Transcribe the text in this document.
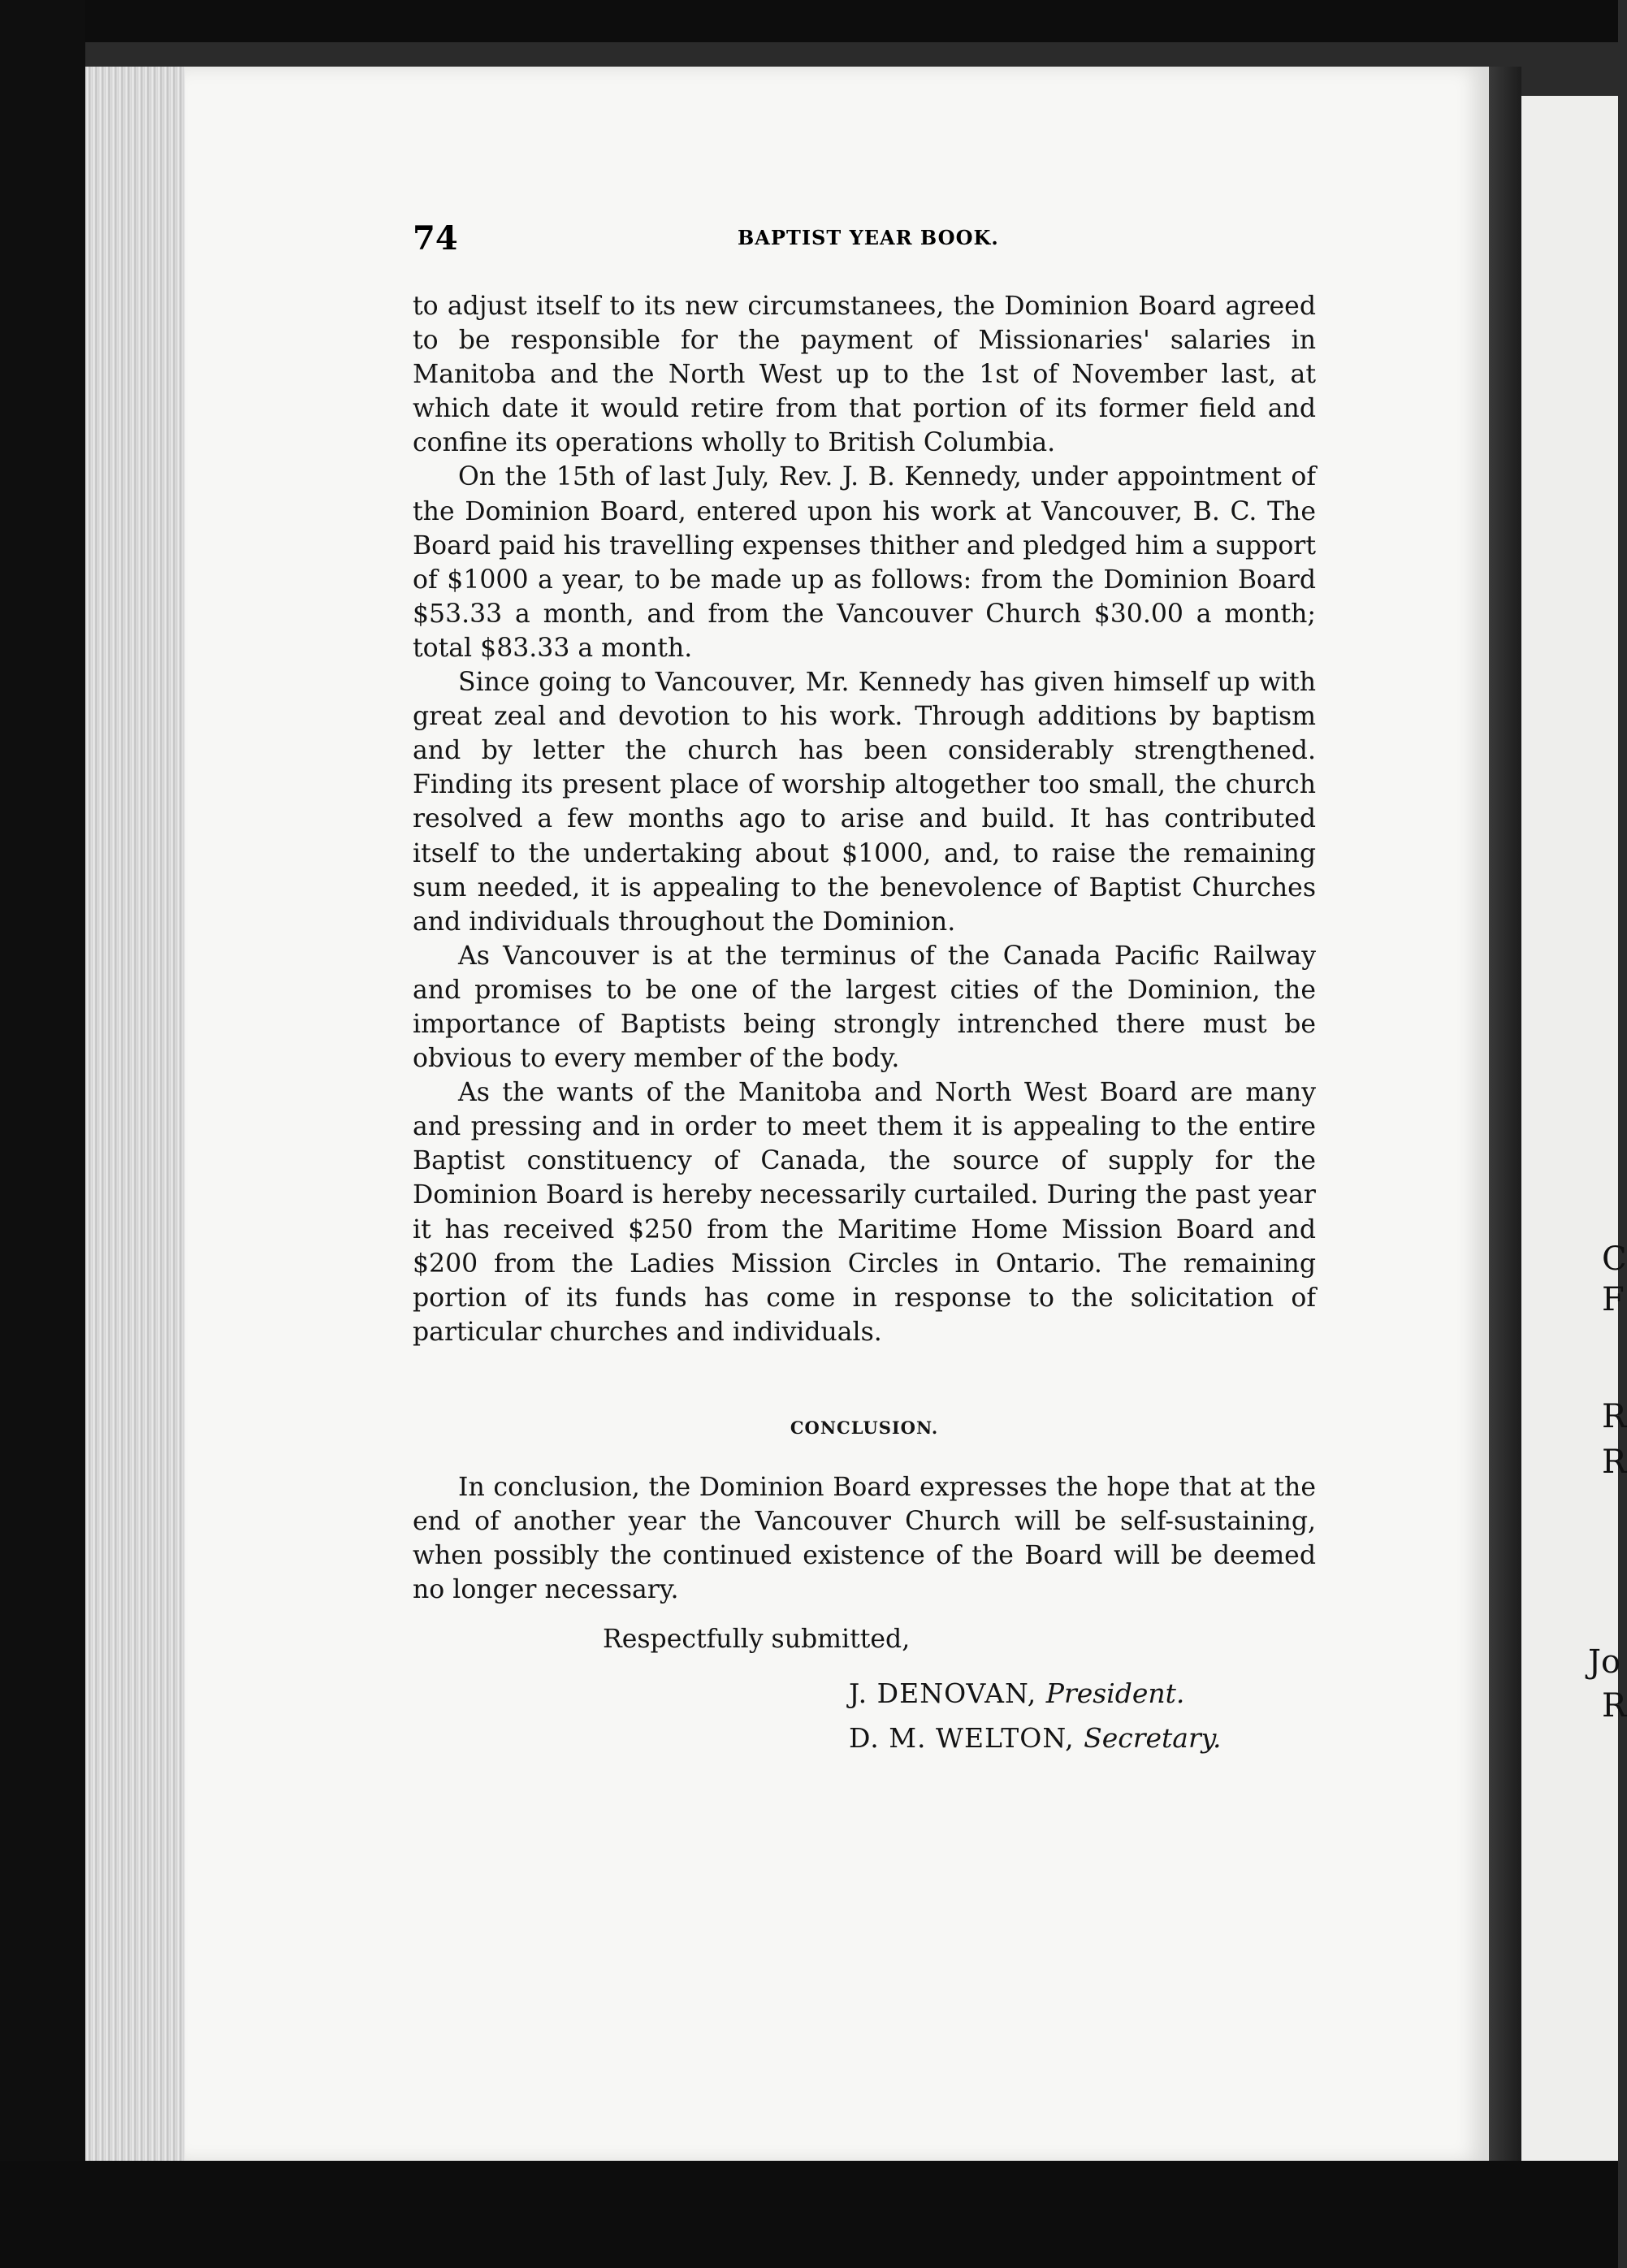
C
F
R
R
Jo
R
74	BAPTIST YEAR BOOK.

to adjust itself to its new circumstanees, the Dominion Board agreed to be responsible for the payment of Missionaries' salaries in Manitoba and the North West up to the 1st of November last, at which date it would retire from that portion of its former field and confine its operations wholly to British Columbia.

On the 15th of last July, Rev. J. B. Kennedy, under appointment of the Dominion Board, entered upon his work at Vancouver, B. C. The Board paid his travelling expenses thither and pledged him a support of $1000 a year, to be made up as follows: from the Dominion Board $53.33 a month, and from the Vancouver Church $30.00 a month; total $83.33 a month.

Since going to Vancouver, Mr. Kennedy has given himself up with great zeal and devotion to his work. Through additions by baptism and by letter the church has been considerably strengthened. Finding its present place of worship altogether too small, the church resolved a few months ago to arise and build. It has contributed itself to the undertaking about $1000, and, to raise the remaining sum needed, it is appealing to the benevolence of Baptist Churches and individuals throughout the Dominion.

As Vancouver is at the terminus of the Canada Pacific Railway and promises to be one of the largest cities of the Dominion, the importance of Baptists being strongly intrenched there must be obvious to every member of the body.

As the wants of the Manitoba and North West Board are many and pressing and in order to meet them it is appealing to the entire Baptist constituency of Canada, the source of supply for the Dominion Board is hereby necessarily curtailed. During the past year it has received $250 from the Maritime Home Mission Board and $200 from the Ladies Mission Circles in Ontario. The remaining portion of its funds has come in response to the solicitation of particular churches and individuals.

CONCLUSION.
In conclusion, the Dominion Board expresses the hope that at the end of another year the Vancouver Church will be self-sustaining, when possibly the continued existence of the Board will be deemed no longer necessary.
Respectfully submitted,
J. DENOVAN, President.
D. M. WELTON, Secretary.
